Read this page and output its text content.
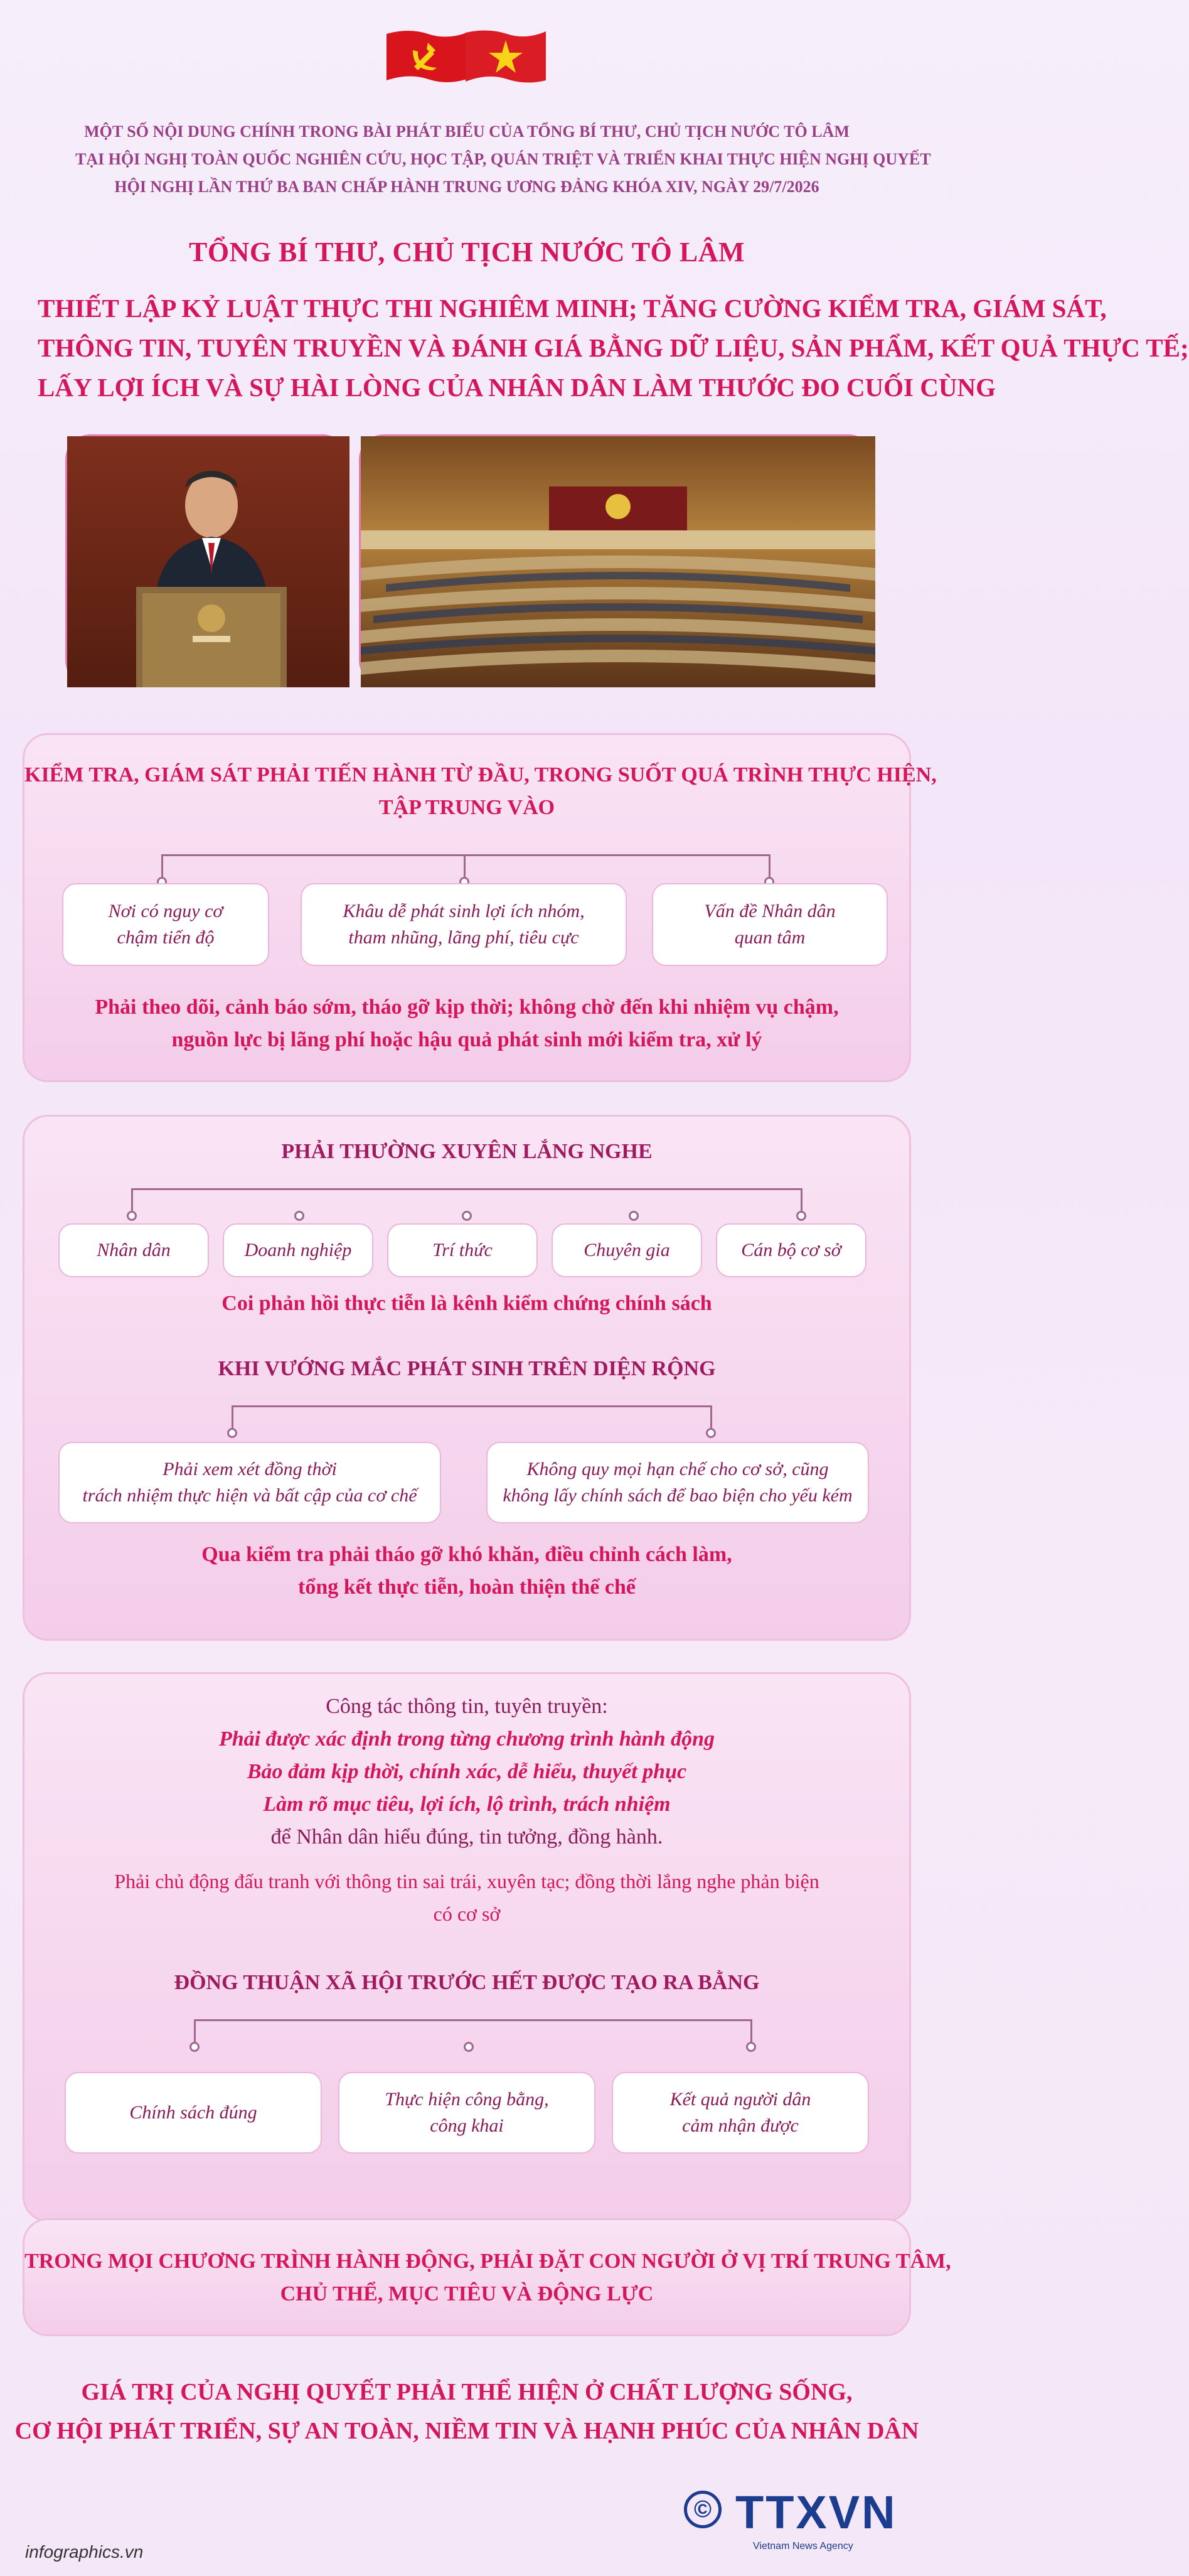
MỘT SỐ NỘI DUNG CHÍNH TRONG BÀI PHÁT BIỂU CỦA TỔNG BÍ THƯ, CHỦ TỊCH NƯỚC TÔ LÂM
TẠI HỘI NGHỊ TOÀN QUỐC NGHIÊN CỨU, HỌC TẬP, QUÁN TRIỆT VÀ TRIỂN KHAI THỰC HIỆN NGHỊ QUYẾT
HỘI NGHỊ LẦN THỨ BA BAN CHẤP HÀNH TRUNG ƯƠNG ĐẢNG KHÓA XIV, NGÀY 29/7/2026
TỔNG BÍ THƯ, CHỦ TỊCH NƯỚC TÔ LÂM
THIẾT LẬP KỶ LUẬT THỰC THI NGHIÊM MINH; TĂNG CƯỜNG KIỂM TRA, GIÁM SÁT,
THÔNG TIN, TUYÊN TRUYỀN VÀ ĐÁNH GIÁ BẰNG DỮ LIỆU, SẢN PHẨM, KẾT QUẢ THỰC TẾ;
LẤY LỢI ÍCH VÀ SỰ HÀI LÒNG CỦA NHÂN DÂN LÀM THƯỚC ĐO CUỐI CÙNG
KIỂM TRA, GIÁM SÁT PHẢI TIẾN HÀNH TỪ ĐẦU, TRONG SUỐT QUÁ TRÌNH THỰC HIỆN,
TẬP TRUNG VÀO
Nơi có nguy cơ
chậm tiến độ
Khâu dễ phát sinh lợi ích nhóm,
tham nhũng, lãng phí, tiêu cực
Vấn đề Nhân dân
quan tâm
Phải theo dõi, cảnh báo sớm, tháo gỡ kịp thời; không chờ đến khi nhiệm vụ chậm,
nguồn lực bị lãng phí hoặc hậu quả phát sinh mới kiểm tra, xử lý
PHẢI THƯỜNG XUYÊN LẮNG NGHE
Nhân dân	Doanh nghiệp	Trí thức	Chuyên gia	Cán bộ cơ sở
Coi phản hồi thực tiễn là kênh kiểm chứng chính sách
KHI VƯỚNG MẮC PHÁT SINH TRÊN DIỆN RỘNG
Phải xem xét đồng thời
trách nhiệm thực hiện và bất cập của cơ chế
Không quy mọi hạn chế cho cơ sở, cũng
không lấy chính sách để bao biện cho yếu kém
Qua kiểm tra phải tháo gỡ khó khăn, điều chỉnh cách làm,
tổng kết thực tiễn, hoàn thiện thể chế
Công tác thông tin, tuyên truyền:
Phải được xác định trong từng chương trình hành động
Bảo đảm kịp thời, chính xác, dễ hiểu, thuyết phục
Làm rõ mục tiêu, lợi ích, lộ trình, trách nhiệm
để Nhân dân hiểu đúng, tin tưởng, đồng hành.
Phải chủ động đấu tranh với thông tin sai trái, xuyên tạc; đồng thời lắng nghe phản biện
có cơ sở
ĐỒNG THUẬN XÃ HỘI TRƯỚC HẾT ĐƯỢC TẠO RA BẰNG
Chính sách đúng
Thực hiện công bằng,
công khai
Kết quả người dân
cảm nhận được
TRONG MỌI CHƯƠNG TRÌNH HÀNH ĐỘNG, PHẢI ĐẶT CON NGƯỜI Ở VỊ TRÍ TRUNG TÂM,
CHỦ THỂ, MỤC TIÊU VÀ ĐỘNG LỰC
GIÁ TRỊ CỦA NGHỊ QUYẾT PHẢI THỂ HIỆN Ở CHẤT LƯỢNG SỐNG,
CƠ HỘI PHÁT TRIỂN, SỰ AN TOÀN, NIỀM TIN VÀ HẠNH PHÚC CỦA NHÂN DÂN
infographics.vn
© TTXVN
Vietnam News Agency
